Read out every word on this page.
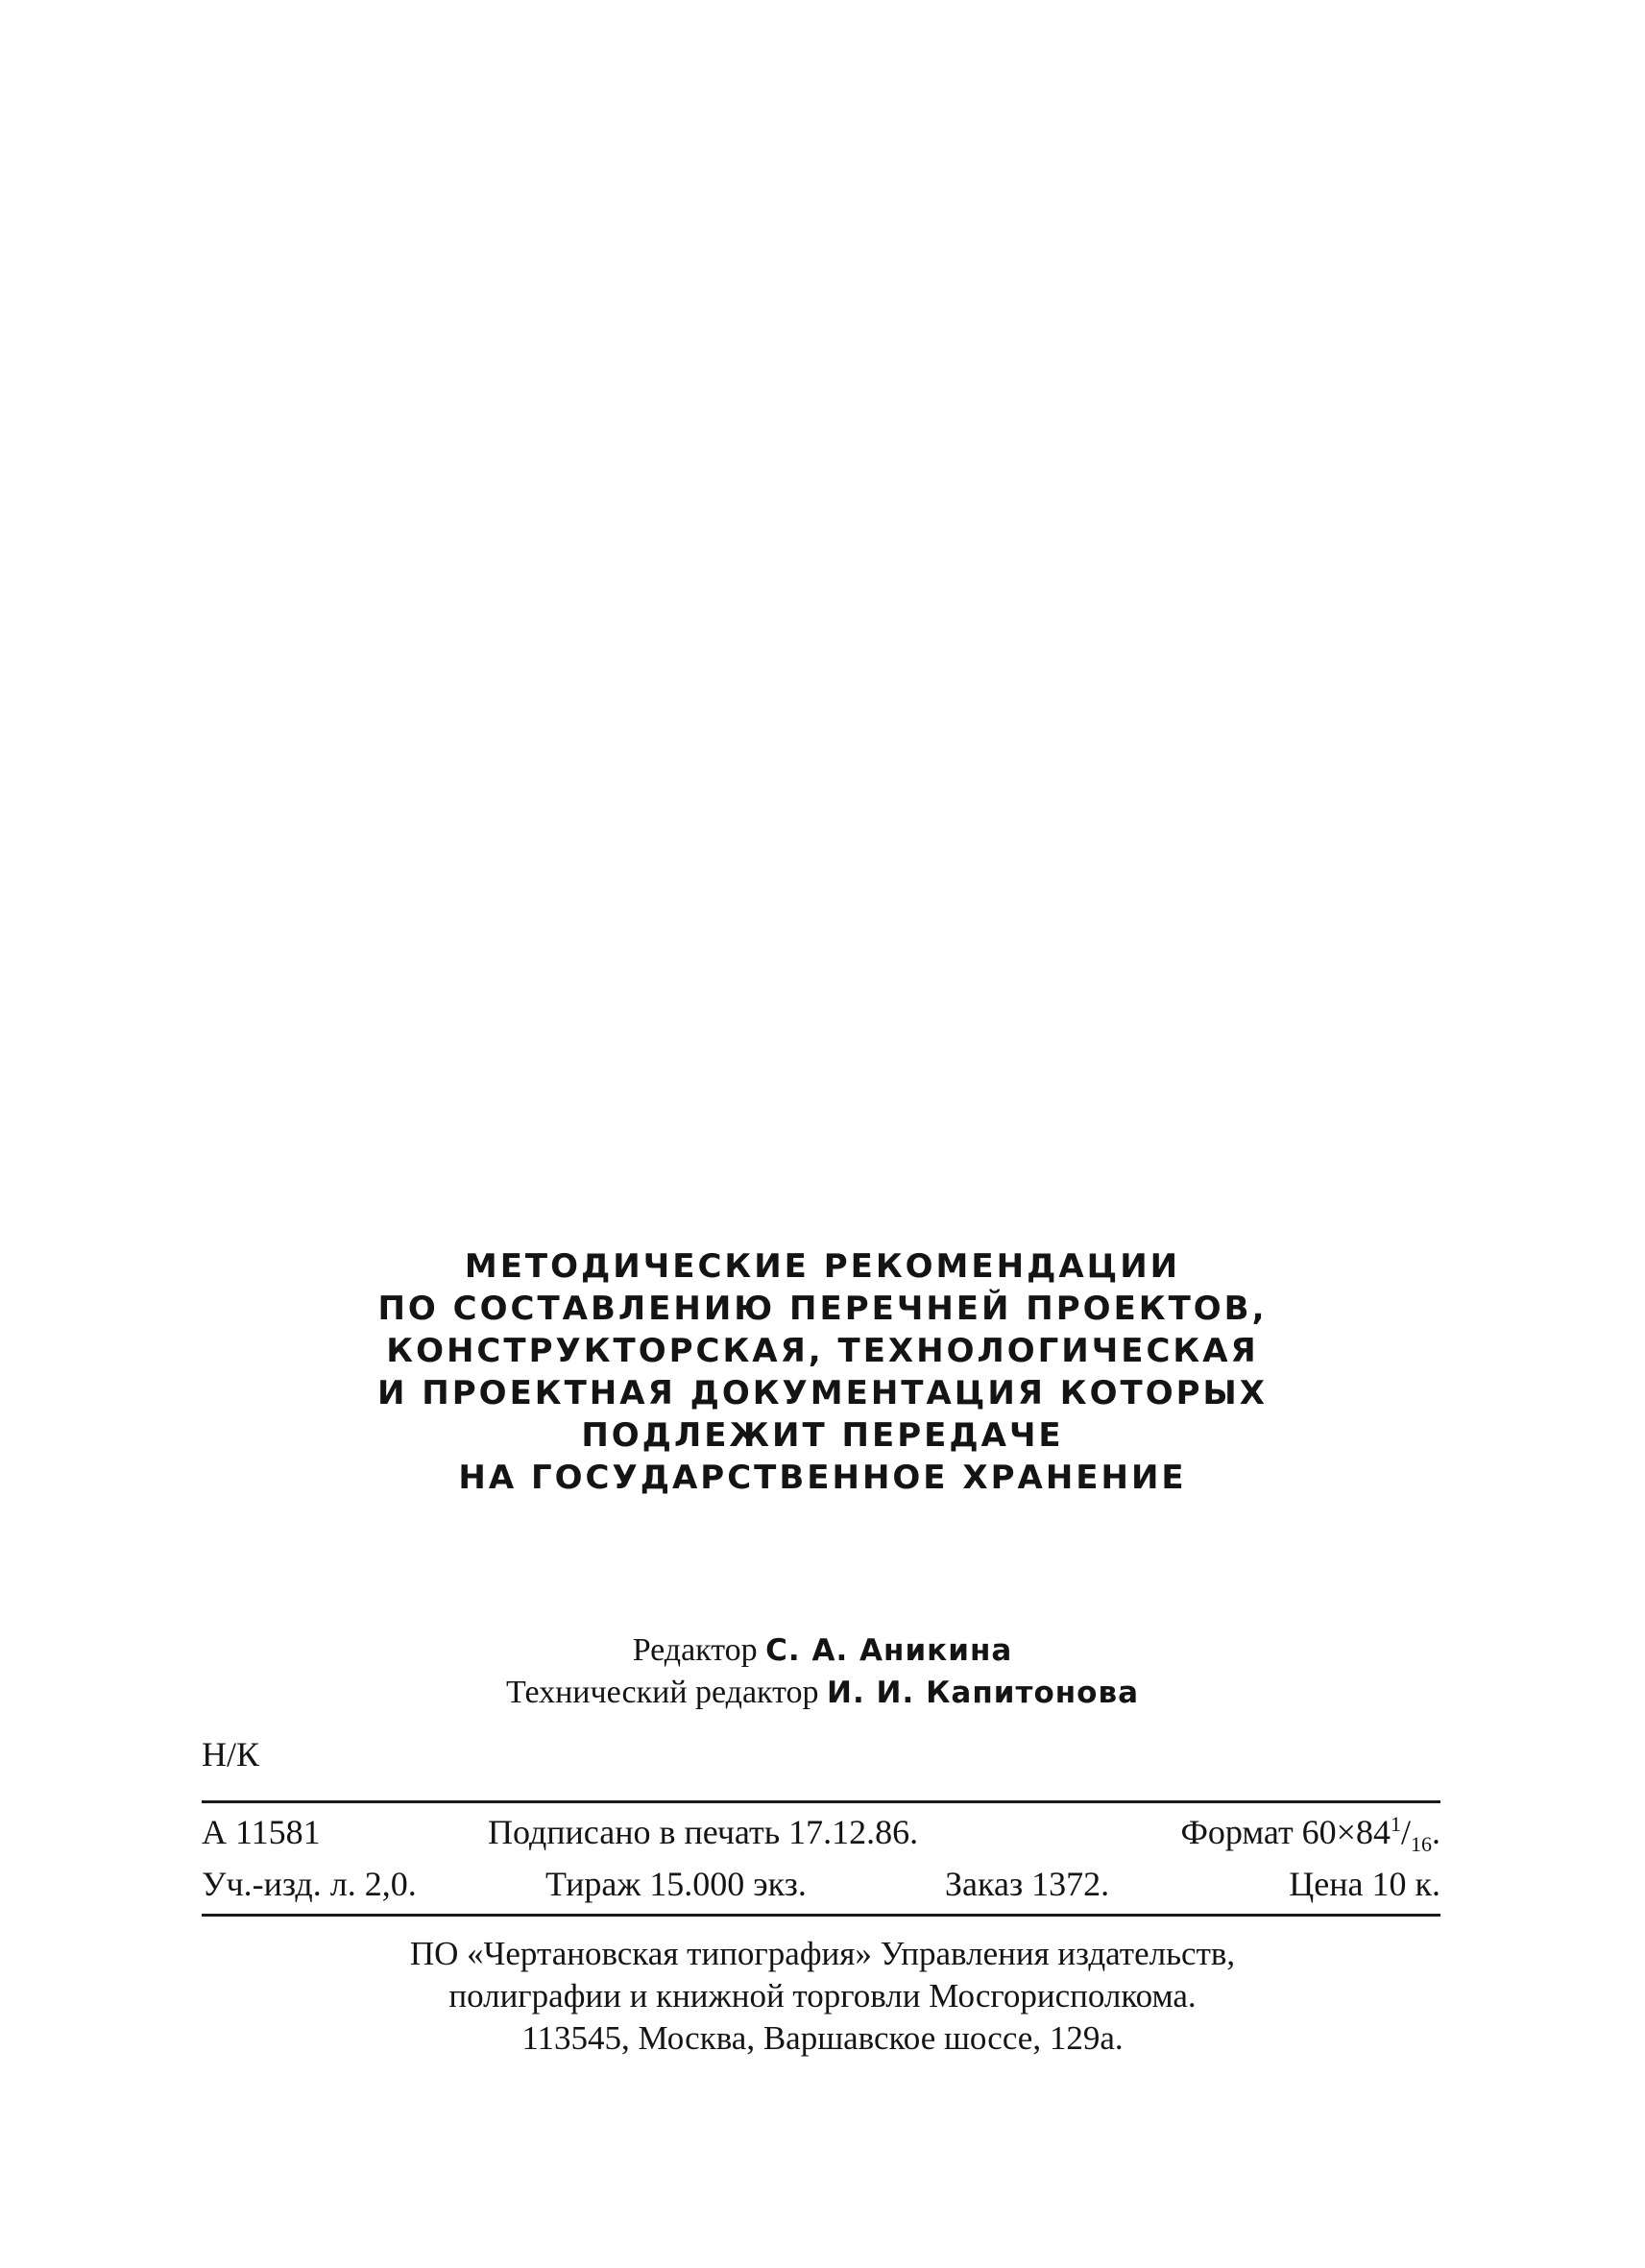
МЕТОДИЧЕСКИЕ РЕКОМЕНДАЦИИ
ПО СОСТАВЛЕНИЮ ПЕРЕЧНЕЙ ПРОЕКТОВ,
КОНСТРУКТОРСКАЯ, ТЕХНОЛОГИЧЕСКАЯ
И ПРОЕКТНАЯ ДОКУМЕНТАЦИЯ КОТОРЫХ
ПОДЛЕЖИТ ПЕРЕДАЧЕ
НА ГОСУДАРСТВЕННОЕ ХРАНЕНИЕ
Редактор С. А. Аникина
Технический редактор И. И. Капитонова
Н/К
А 11581	Подписано в печать 17.12.86.	Формат $60\times 84^1/_{16}$.
Уч.-изд. л. 2,0.	Тираж 15.000 экз.	Заказ 1372.	Цена 10 к.
ПО «Чертановская типография» Управления издательств,
полиграфии и книжной торговли Мосгорисполкома.
113545, Москва, Варшавское шоссе, 129а.
